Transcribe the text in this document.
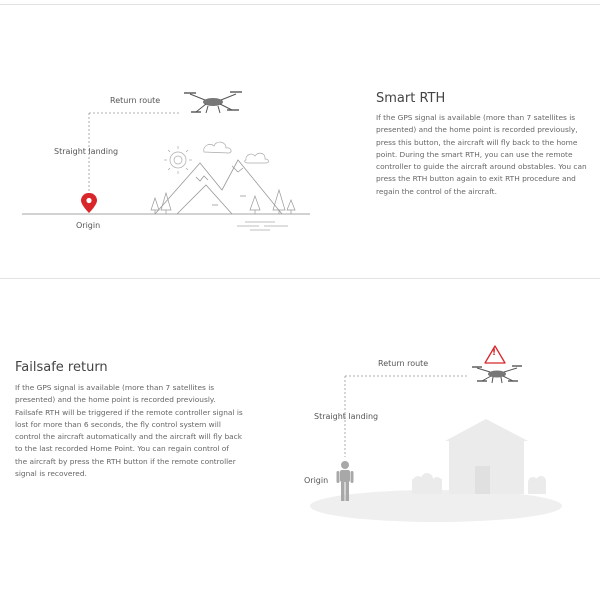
Return route
Straight landing
Origin
Smart RTH

If the GPS signal is available (more than 7 satellites is presented) and the home point is recorded previously, press this button, the aircraft will fly back to the home point. During the smart RTH, you can use the remote controller to guide the aircraft around obstables. You can press the RTH button again to exit RTH procedure and regain the control of the aircraft.

!
Return route
Straight landing
Origin
Failsafe return

If the GPS signal is available (more than 7 satellites is presented) and the home point is recorded previously. Failsafe RTH will be triggered if the remote controller signal is lost for more than 6 seconds, the fly control system will control the aircraft automatically and the aircraft will fly back to the last recorded Home Point. You can regain control of the aircraft by press the RTH button if the remote controller signal is recovered.
